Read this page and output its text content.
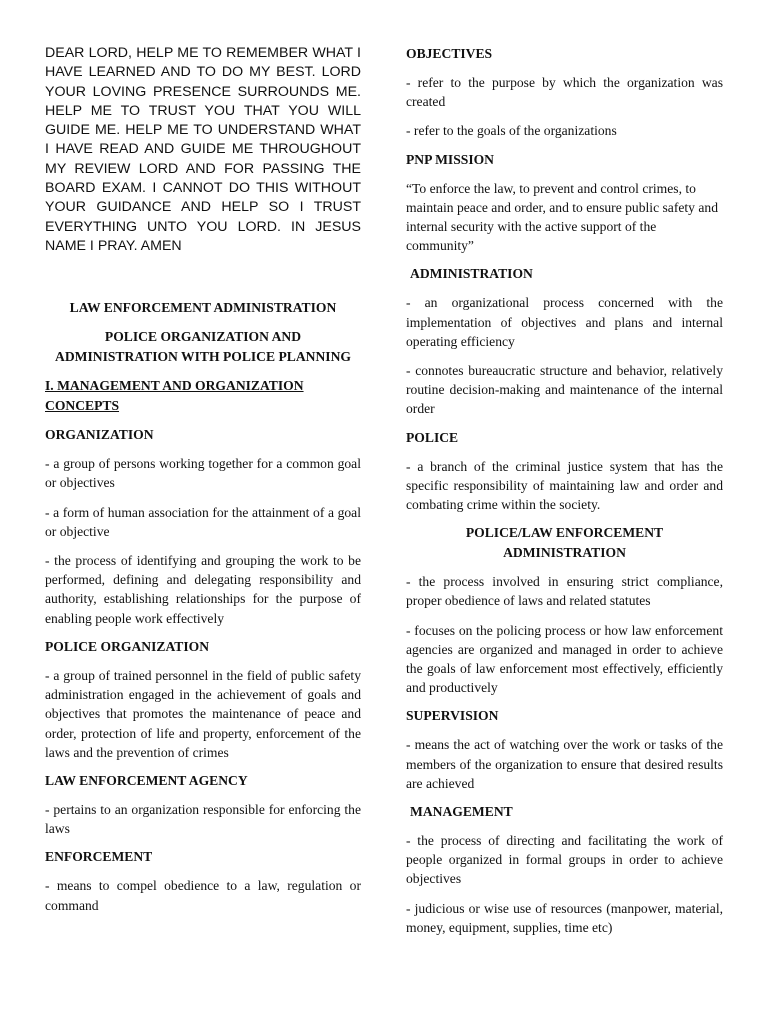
DEAR LORD, HELP ME TO REMEMBER WHAT I HAVE LEARNED AND TO DO MY BEST. LORD YOUR LOVING PRESENCE SURROUNDS ME. HELP ME TO TRUST YOU THAT YOU WILL GUIDE ME. HELP ME TO UNDERSTAND WHAT I HAVE READ AND GUIDE ME THROUGHOUT MY REVIEW LORD AND FOR PASSING THE BOARD EXAM. I CANNOT DO THIS WITHOUT YOUR GUIDANCE AND HELP SO I TRUST EVERYTHING UNTO YOU LORD. IN JESUS NAME I PRAY. AMEN

LAW ENFORCEMENT ADMINISTRATION

POLICE ORGANIZATION AND ADMINISTRATION WITH POLICE PLANNING

I. MANAGEMENT AND ORGANIZATION CONCEPTS

ORGANIZATION

- a group of persons working together for a common goal or objectives

- a form of human association for the attainment of a goal or objective

- the process of identifying and grouping the work to be performed, defining and delegating responsibility and authority, establishing relationships for the purpose of enabling people work effectively

POLICE ORGANIZATION

- a group of trained personnel in the field of public safety administration engaged in the achievement of goals and objectives that promotes the maintenance of peace and order, protection of life and property, enforcement of the laws and the prevention of crimes

LAW ENFORCEMENT AGENCY

- pertains to an organization responsible for enforcing the laws

ENFORCEMENT

- means to compel obedience to a law, regulation or command

OBJECTIVES

- refer to the purpose by which the organization was created

- refer to the goals of the organizations

PNP MISSION

“To enforce the law, to prevent and control crimes, to maintain peace and order, and to ensure public safety and internal security with the active support of the community”

ADMINISTRATION

- an organizational process concerned with the implementation of objectives and plans and internal operating efficiency

- connotes bureaucratic structure and behavior, relatively routine decision-making and maintenance of the internal order

POLICE

- a branch of the criminal justice system that has the specific responsibility of maintaining law and order and combating crime within the society.

POLICE/LAW ENFORCEMENT ADMINISTRATION

- the process involved in ensuring strict compliance, proper obedience of laws and related statutes

- focuses on the policing process or how law enforcement agencies are organized and managed in order to achieve the goals of law enforcement most effectively, efficiently and productively

SUPERVISION

- means the act of watching over the work or tasks of the members of the organization to ensure that desired results are achieved

MANAGEMENT

- the process of directing and facilitating the work of people organized in formal groups in order to achieve objectives

- judicious or wise use of resources (manpower, material, money, equipment, supplies, time etc)
